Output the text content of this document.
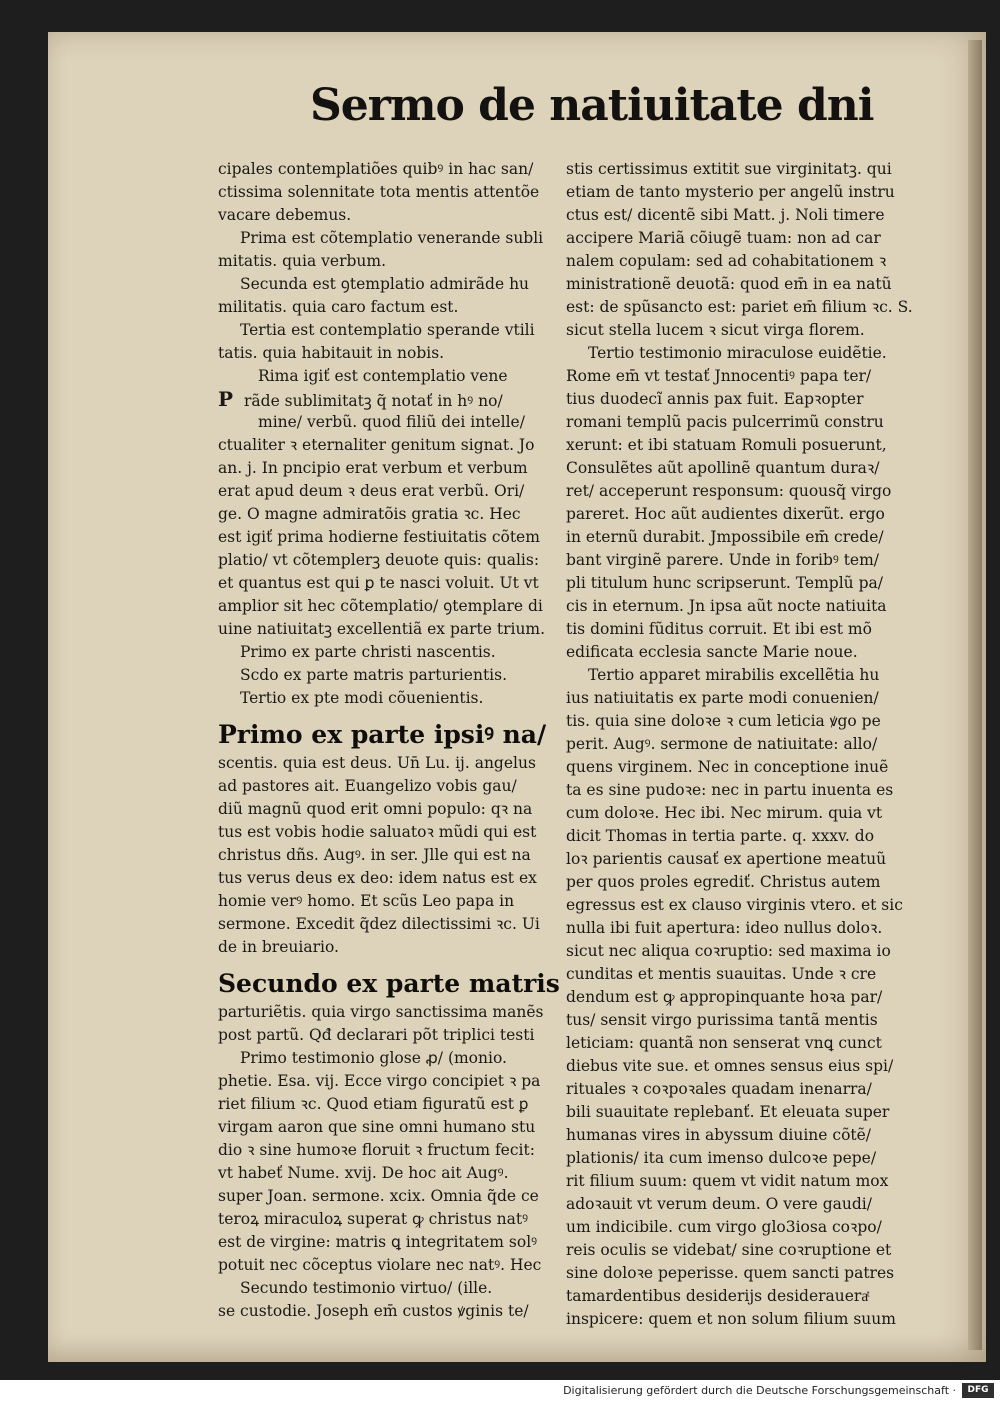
Sermo de natiuitate dni
cipales contemplatiões quibꝰ in hac san/
ctissima solennitate tota mentis attentõe
vacare debemus.
Prima est cõtemplatio venerande subli
mitatis. quia verbum.
Secunda est ꝯtemplatio admirãde hu
militatis. quia caro factum est.
Tertia est contemplatio sperande vtili
tatis. quia habitauit in nobis.
Rima igiť est contemplatio vene
P rãde sublimitatꝫ q̃ notať in hꝰ no/
mine/ verbũ. quod filiũ dei intelle/
ctualiter ꝛ eternaliter genitum signat. Jo
an. j. In pncipio erat verbum et verbum
erat apud deum ꝛ deus erat verbũ. Ori/
ge. O magne admiratõis gratia ꝛc. Hec
est igiť prima hodierne festiuitatis cõtem
platio/ vt cõtemplerꝫ deuote quis: qualis:
et quantus est qui ꝑ te nasci voluit. Ut vt
amplior sit hec cõtemplatio/ ꝯtemplare di
uine natiuitatꝫ excellentiã ex parte trium.
Primo ex parte christi nascentis.
Scdo ex parte matris parturientis.
Tertio ex pte modi cõuenientis.
Primo ex parte ipsiꝰ na/
scentis. quia est deus. Un̄ Lu. ij. angelus
ad pastores ait. Euangelizo vobis gau/
diũ magnũ quod erit omni populo: qꝛ na
tus est vobis hodie saluatoꝛ mũdi qui est
christus dñs. Augꝰ. in ser. Jlle qui est na
tus verus deus ex deo: idem natus est ex
homie verꝰ homo. Et scũs Leo papa in
sermone. Excedit q̃dez dilectissimi ꝛc. Ui
de in breuiario.
Secundo ex parte matris
parturiẽtis. quia virgo sanctissima manẽs
post partũ. Qđ declarari põt triplici testi
Primo testimonio glose ꝓ/ (monio.
phetie. Esa. vij. Ecce virgo concipiet ꝛ pa
riet filium ꝛc. Quod etiam figuratũ est ꝑ
virgam aaron que sine omni humano stu
dio ꝛ sine humoꝛe floruit ꝛ fructum fecit:
vt habeť Nume. xvij. De hoc ait Augꝰ.
super Joan. sermone. xcix. Omnia q̃de ce
teroꝝ miraculoꝝ superat ꝙ christus natꝰ
est de virgine: matris ꝗ integritatem solꝰ
potuit nec cõceptus violare nec natꝰ. Hec
Secundo testimonio virtuo/ (ille.
se custodie. Joseph em̄ custos ꝟginis te/
stis certissimus extitit sue virginitatꝫ. qui
etiam de tanto mysterio per angelũ instru
ctus est/ dicentẽ sibi Matt. j. Noli timere
accipere Mariã cõiugẽ tuam: non ad car
nalem copulam: sed ad cohabitationem ꝛ
ministrationẽ deuotã: quod em̄ in ea natũ
est: de spũsancto est: pariet em̄ filium ꝛc. S.
sicut stella lucem ꝛ sicut virga florem.
Tertio testimonio miraculose euidẽtie.
Rome em̄ vt testať Jnnocentiꝰ papa ter/
tius duodecĩ annis pax fuit. Eapꝛopter
romani templũ pacis pulcerrimũ constru
xerunt: et ibi statuam Romuli posuerunt,
Consulẽtes aũt apollinẽ quantum duraꝛ/
ret/ acceperunt responsum: quousq̃ virgo
pareret. Hoc aũt audientes dixerũt. ergo
in eternũ durabit. Jmpossibile em̄ crede/
bant virginẽ parere. Unde in foribꝰ tem/
pli titulum hunc scripserunt. Templũ pa/
cis in eternum. Jn ipsa aũt nocte natiuita
tis domini fũditus corruit. Et ibi est mõ
edificata ecclesia sancte Marie noue.
Tertio apparet mirabilis excellẽtia hu
ius natiuitatis ex parte modi conuenien/
tis. quia sine doloꝛe ꝛ cum leticia ꝟgo pe
perit. Augꝰ. sermone de natiuitate: allo/
quens virginem. Nec in conceptione inuẽ
ta es sine pudoꝛe: nec in partu inuenta es
cum doloꝛe. Hec ibi. Nec mirum. quia vt
dicit Thomas in tertia parte. q. xxxv. do
loꝛ parientis causať ex apertione meatuũ
per quos proles egrediť. Christus autem
egressus est ex clauso virginis vtero. et sic
nulla ibi fuit apertura: ideo nullus doloꝛ.
sicut nec aliqua coꝛruptio: sed maxima io
cunditas et mentis suauitas. Unde ꝛ cre
dendum est ꝙ appropinquante hoꝛa par/
tus/ sensit virgo purissima tantã mentis
leticiam: quantã non senserat vnꝗ cunct
diebus vite sue. et omnes sensus eius spi/
rituales ꝛ coꝛpoꝛales quadam inenarra/
bili suauitate replebanť. Et eleuata super
humanas vires in abyssum diuine cõtẽ/
plationis/ ita cum imenso dulcoꝛe pepe/
rit filium suum: quem vt vidit natum mox
adoꝛauit vt verum deum. O vere gaudi/
um indicibile. cum virgo glo3iosa coꝛpo/
reis oculis se videbat/ sine coꝛruptione et
sine doloꝛe peperisse. quem sancti patres
tamardentibus desiderijs desideraueraͭ
inspicere: quem et non solum filium suum
Digitalisierung gefördert durch die Deutsche Forschungsgemeinschaft ·	DFG
